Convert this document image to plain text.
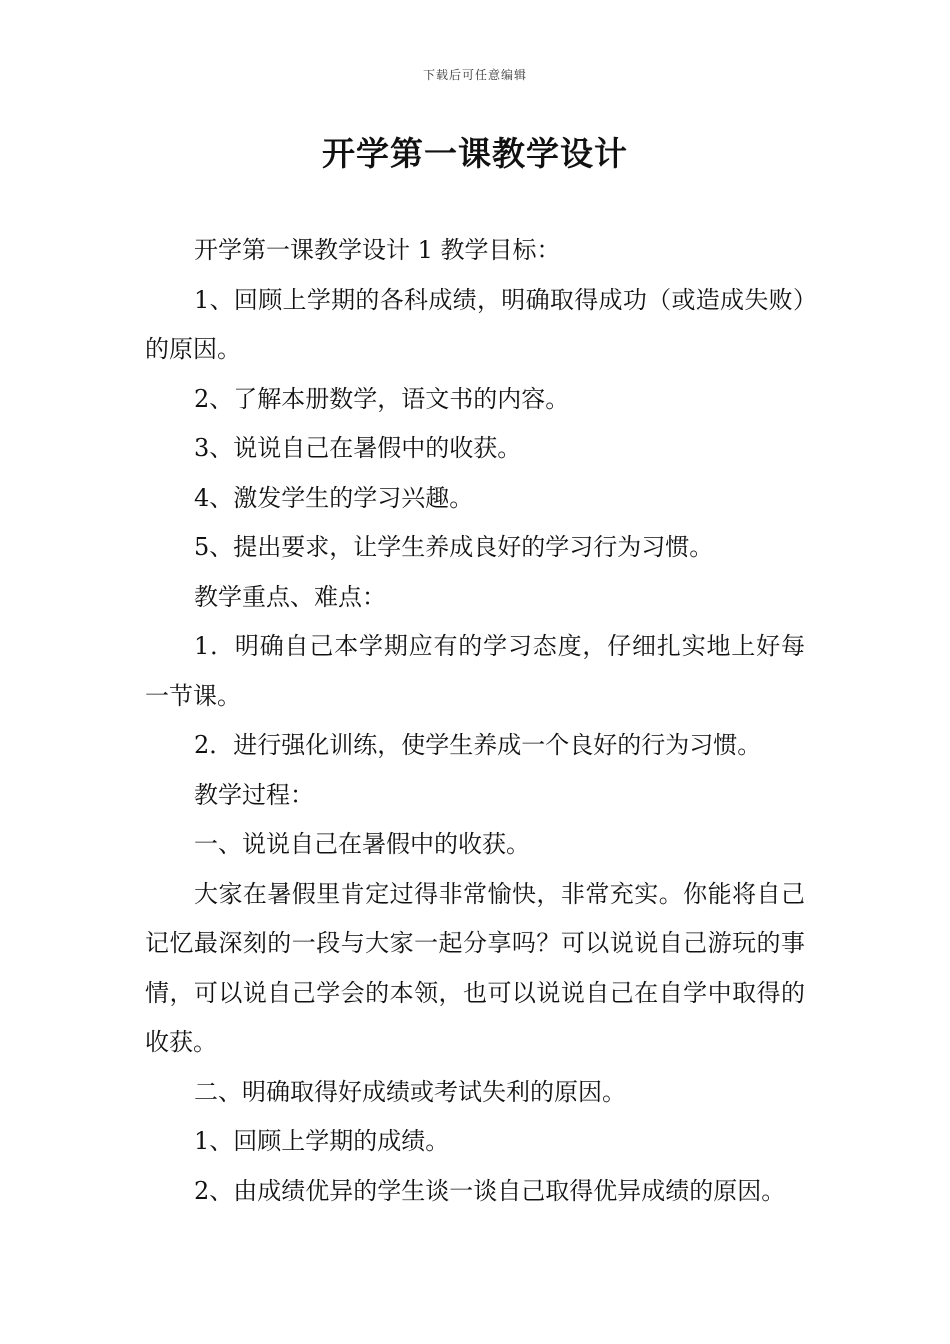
下载后可任意编辑
开学第一课教学设计

开学第一课教学设计 1 教学目标：

1、回顾上学期的各科成绩，明确取得成功（或造成失败）的原因。

2、了解本册数学，语文书的内容。

3、说说自己在暑假中的收获。

4、激发学生的学习兴趣。

5、提出要求，让学生养成良好的学习行为习惯。

教学重点、难点：

1．明确自己本学期应有的学习态度，仔细扎实地上好每一节课。

2．进行强化训练，使学生养成一个良好的行为习惯。

教学过程：

一、说说自己在暑假中的收获。

大家在暑假里肯定过得非常愉快，非常充实。你能将自己记忆最深刻的一段与大家一起分享吗？可以说说自己游玩的事情，可以说自己学会的本领，也可以说说自己在自学中取得的收获。

二、明确取得好成绩或考试失利的原因。

1、回顾上学期的成绩。

2、由成绩优异的学生谈一谈自己取得优异成绩的原因。
